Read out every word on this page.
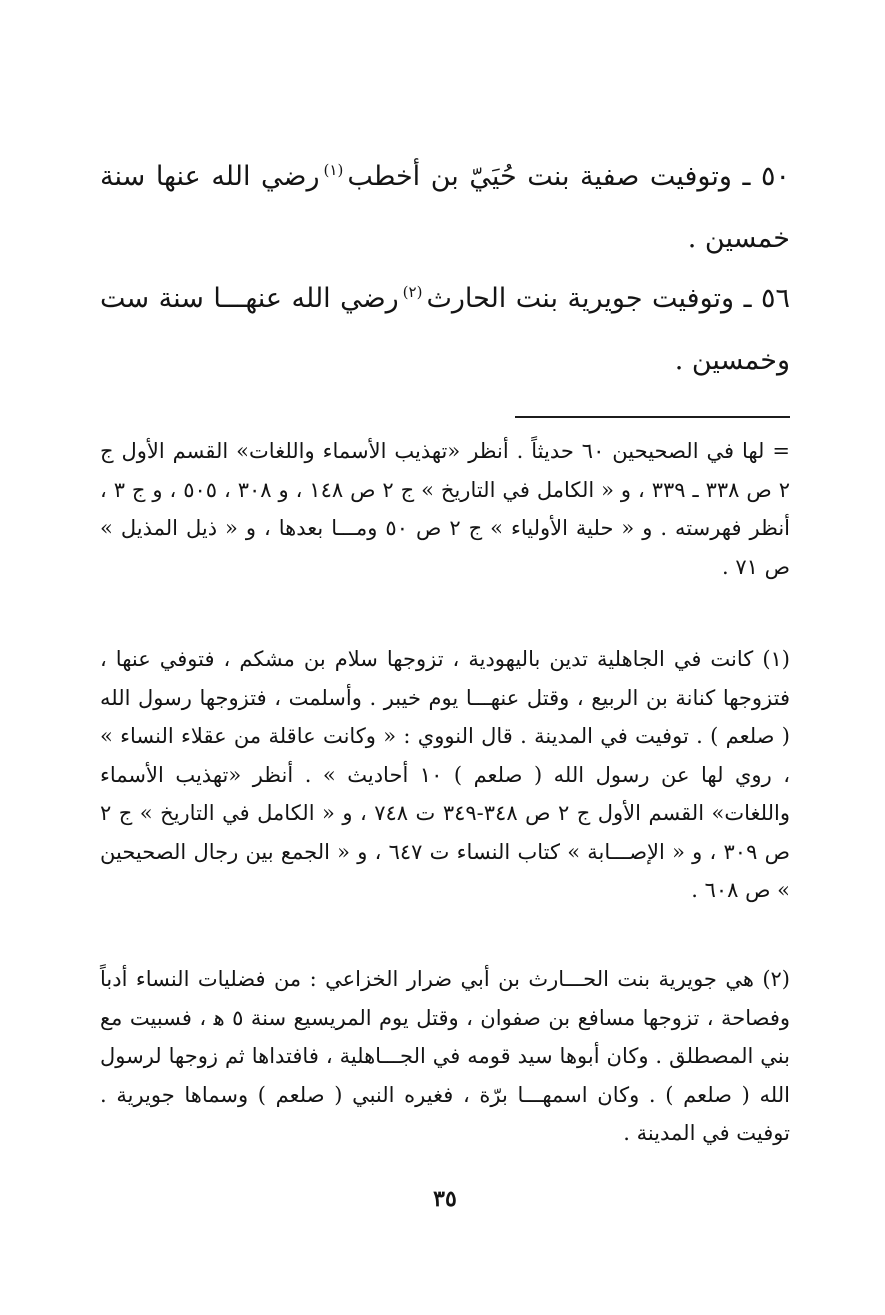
٥٠ ـ وتوفيت صفية بنت حُيَيّ بن أخطب$^{(١)}$رضي الله عنها سنة خمسين .

٥٦ ـ وتوفيت جويرية بنت الحارث$^{(٢)}$رضي الله عنهـــا سنة ست وخمسين .

= لها في الصحيحين ٦٠ حديثاً . أنظر «تهذيب الأسماء واللغات» القسم الأول ج ٢ ص ٣٣٨ ـ ٣٣٩ ، و « الكامل في التاريخ » ج ٢ ص ١٤٨ ، و ٣٠٨ ، ٥٠٥ ، و ج ٣ ، أنظر فهرسته . و « حلية الأولياء » ج ٢ ص ٥٠ ومـــا بعدها ، و « ذيل المذيل » ص ٧١ .

(١) كانت في الجاهلية تدين باليهودية ، تزوجها سلام بن مشكم ، فتوفي عنها ، فتزوجها كنانة بن الربيع ، وقتل عنهـــا يوم خيبر . وأسلمت ، فتزوجها رسول الله ( صلعم ) . توفيت في المدينة . قال النووي : « وكانت عاقلة من عقلاء النساء » ، روي لها عن رسول الله ( صلعم ) ١٠ أحاديث » . أنظر «تهذيب الأسماء واللغات» القسم الأول ج ٢ ص ٣٤٨-٣٤٩ ت ٧٤٨ ، و « الكامل في التاريخ » ج ٢ ص ٣٠٩ ، و « الإصـــابة » كتاب النساء ت ٦٤٧ ، و « الجمع بين رجال الصحيحين » ص ٦٠٨ .

(٢) هي جويرية بنت الحـــارث بن أبي ضرار الخزاعي : من فضليات النساء أدباً وفصاحة ، تزوجها مسافع بن صفوان ، وقتل يوم المريسيع سنة ٥ ﻫ ، فسبيت مع بني المصطلق . وكان أبوها سيد قومه في الجـــاهلية ، فافتداها ثم زوجها لرسول الله ( صلعم ) . وكان اسمهـــا برّة ، فغيره النبي ( صلعم ) وسماها جويرية . توفيت في المدينة .

٣٥
